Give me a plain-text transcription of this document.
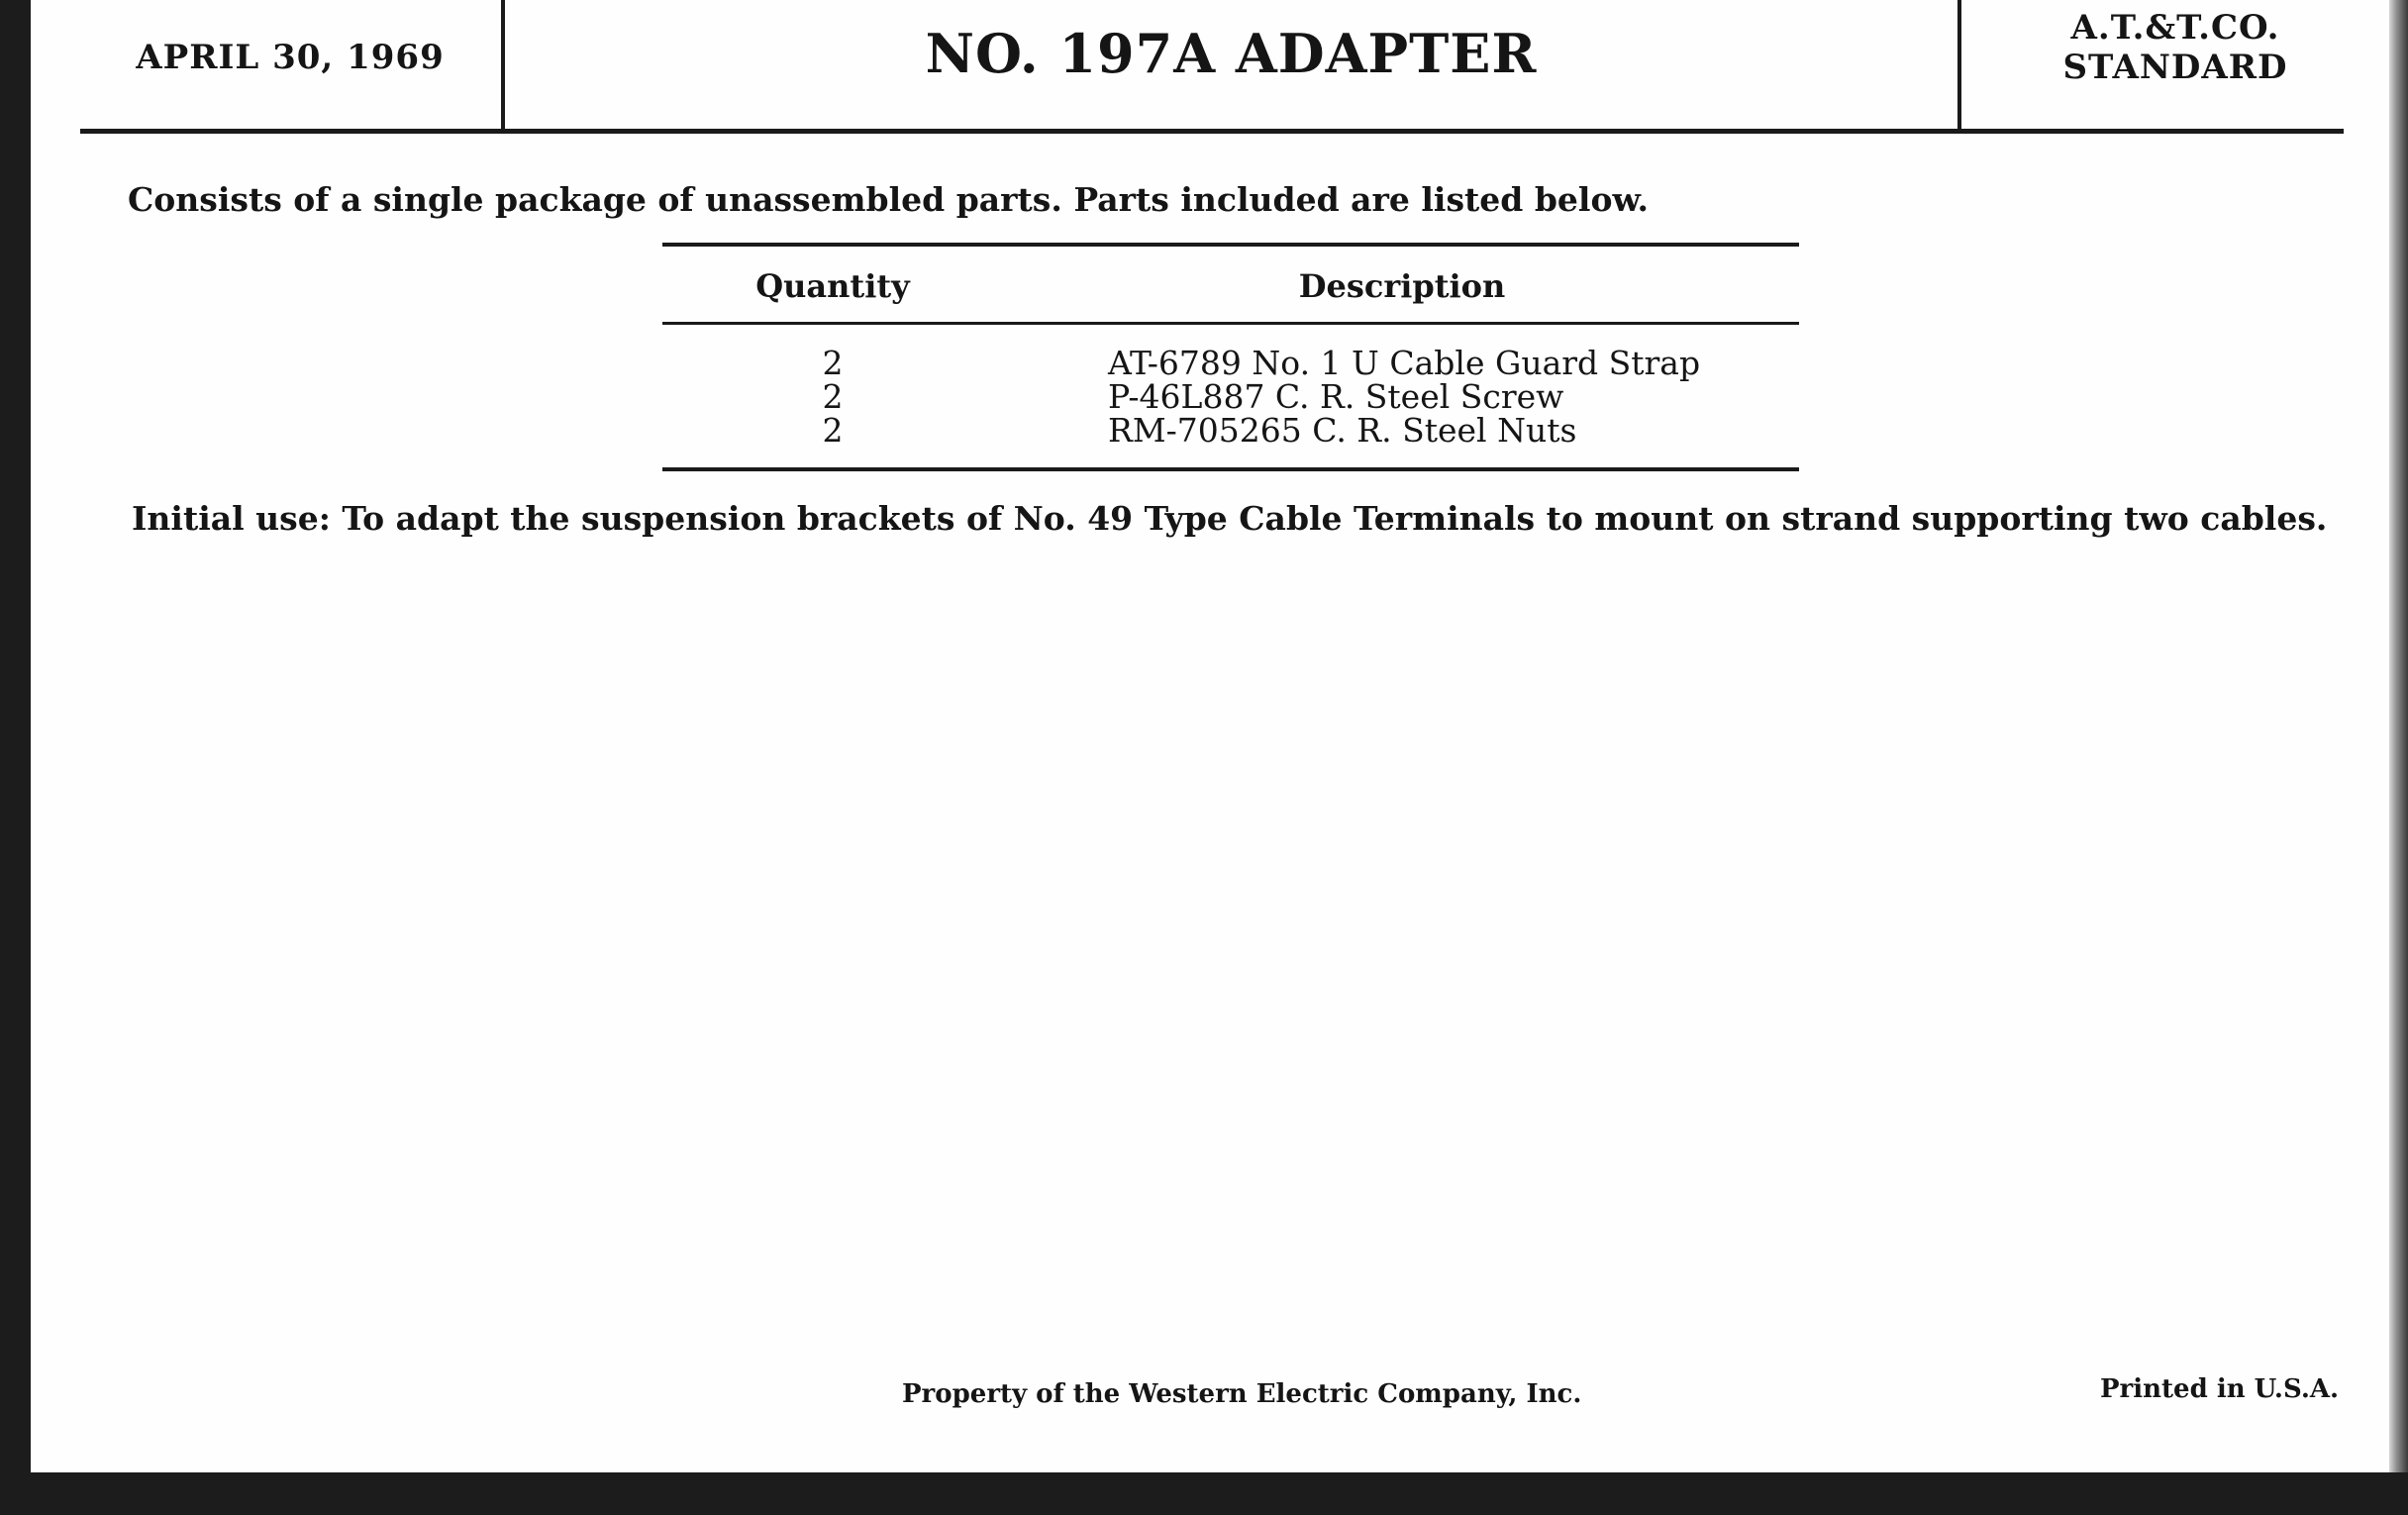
APRIL 30, 1969	NO. 197A ADAPTER	A.T.&T.CO.
STANDARD
Consists of a single package of unassembled parts. Parts included are listed below.
Quantity	Description
2	AT-6789 No. 1 U Cable Guard Strap
2	P-46L887 C. R. Steel Screw
2	RM-705265 C. R. Steel Nuts
Initial use: To adapt the suspension brackets of No. 49 Type Cable Terminals to mount on strand supporting two cables.
Property of the Western Electric Company, Inc.	Printed in U.S.A.
